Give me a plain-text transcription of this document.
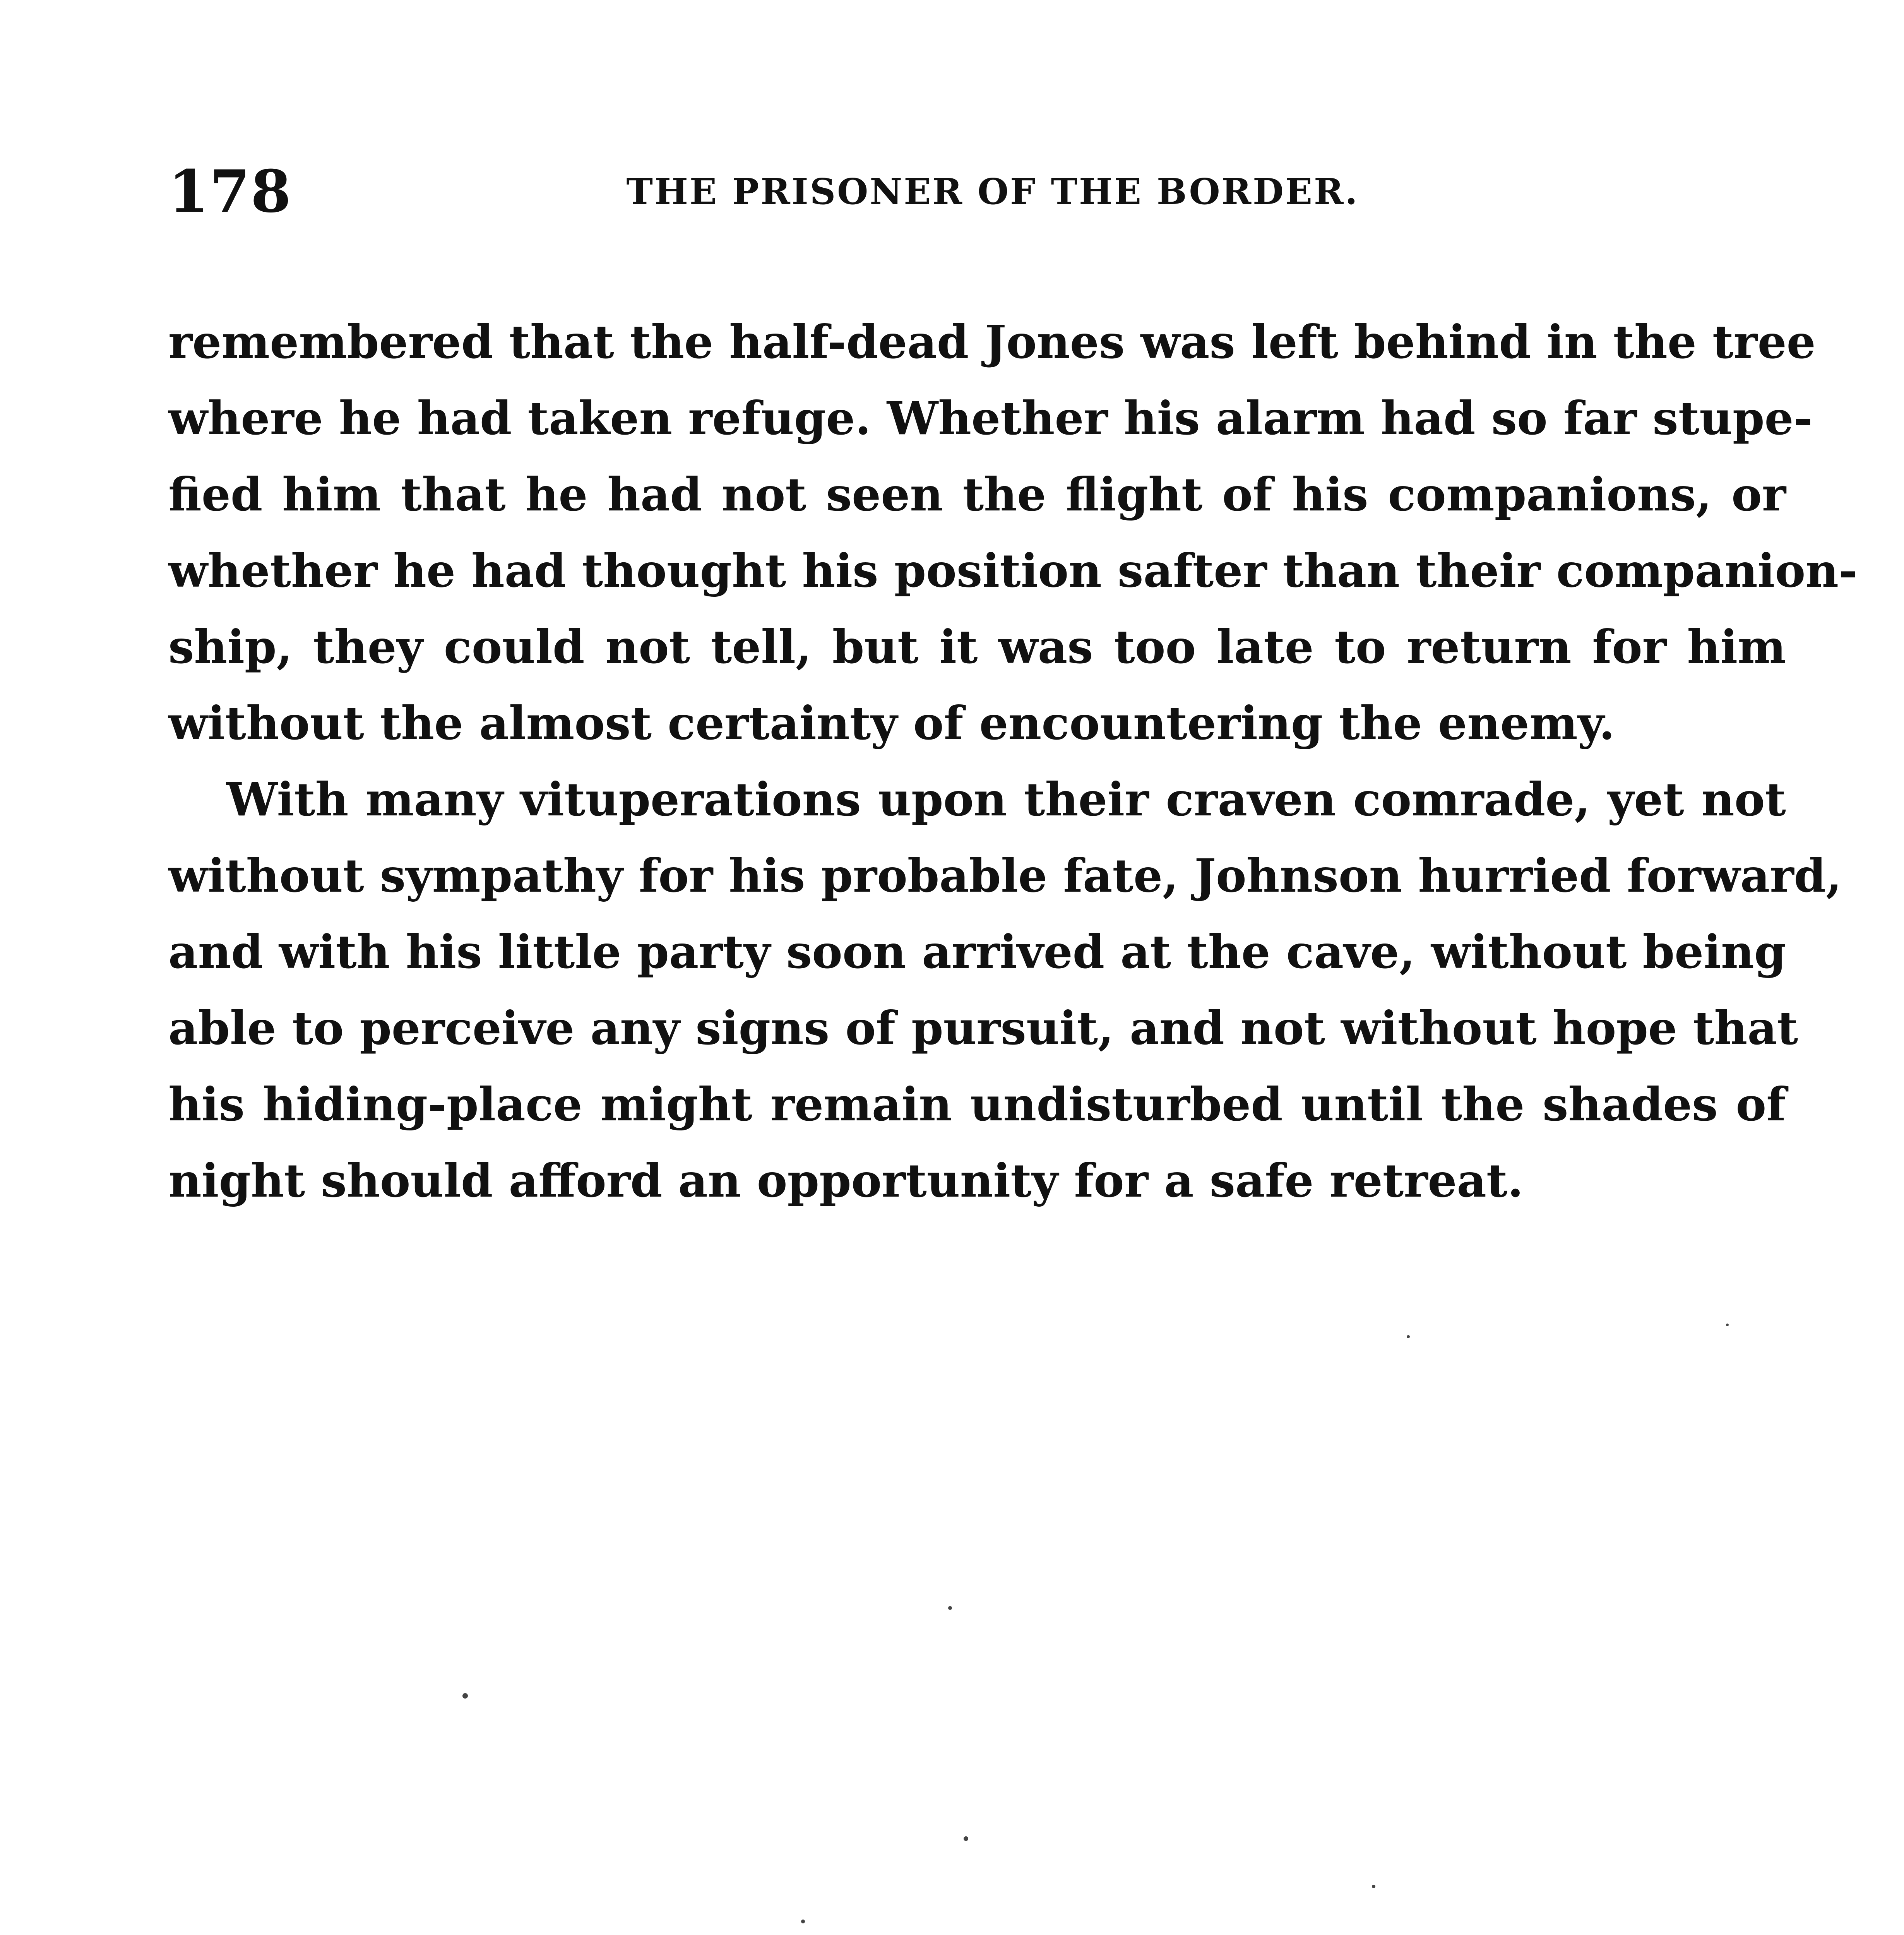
178	THE PRISONER OF THE BORDER.

remembered that the half-dead Jones was left behind in the tree
where he had taken refuge. Whether his alarm had so far stupe-
fied him that he had not seen the flight of his companions, or
whether he had thought his position safter than their companion-
ship, they could not tell, but it was too late to return for him
without the almost certainty of encountering the enemy.

With many vituperations upon their craven comrade, yet not
without sympathy for his probable fate, Johnson hurried forward,
and with his little party soon arrived at the cave, without being
able to perceive any signs of pursuit, and not without hope that
his hiding-place might remain undisturbed until the shades of
night should afford an opportunity for a safe retreat.
